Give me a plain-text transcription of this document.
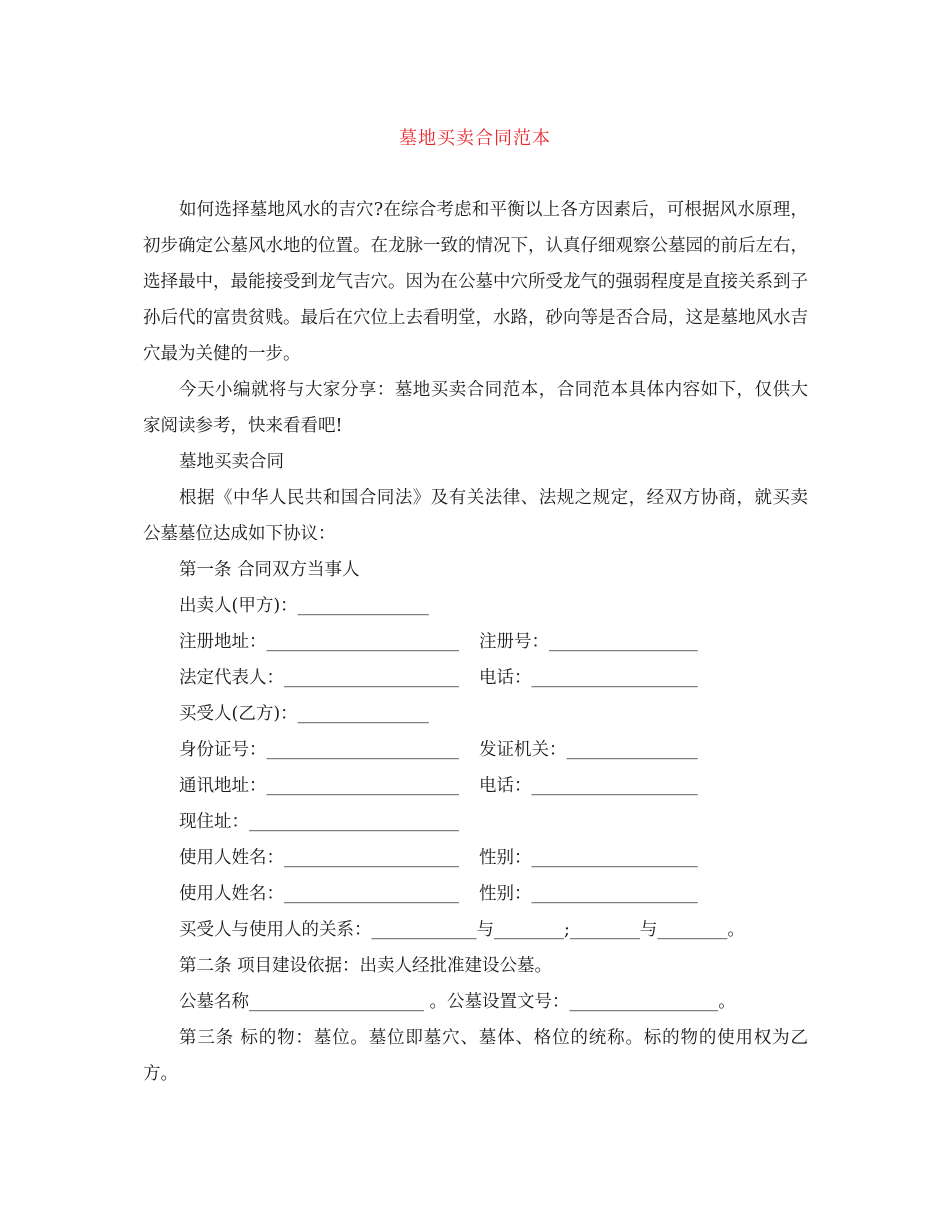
墓地买卖合同范本

如何选择墓地风水的吉穴?在综合考虑和平衡以上各方因素后，可根据风水原理，初步确定公墓风水地的位置。在龙脉一致的情况下，认真仔细观察公墓园的前后左右，选择最中，最能接受到龙气吉穴。因为在公墓中穴所受龙气的强弱程度是直接关系到子孙后代的富贵贫贱。最后在穴位上去看明堂，水路，砂向等是否合局，这是墓地风水吉穴最为关健的一步。

今天小编就将与大家分享：墓地买卖合同范本，合同范本具体内容如下，仅供大家阅读参考，快来看看吧!

墓地买卖合同

根据《中华人民共和国合同法》及有关法律、法规之规定，经双方协商，就买卖公墓墓位达成如下协议：

第一条 合同双方当事人

出卖人(甲方)：_______________

注册地址：______________________ 注册号：_________________
法定代表人：____________________ 电话：___________________

买受人(乙方)：_______________

身份证号：______________________ 发证机关：_______________
通讯地址：______________________ 电话：___________________

现住址：________________________

使用人姓名：____________________ 性别：___________________
使用人姓名：____________________ 性别：___________________

买受人与使用人的关系：____________与________;________与________。

第二条 项目建设依据：出卖人经批准建设公墓。

公墓名称____________________ 。公墓设置文号：_________________。

第三条 标的物：墓位。墓位即墓穴、墓体、格位的统称。标的物的使用权为乙方。
